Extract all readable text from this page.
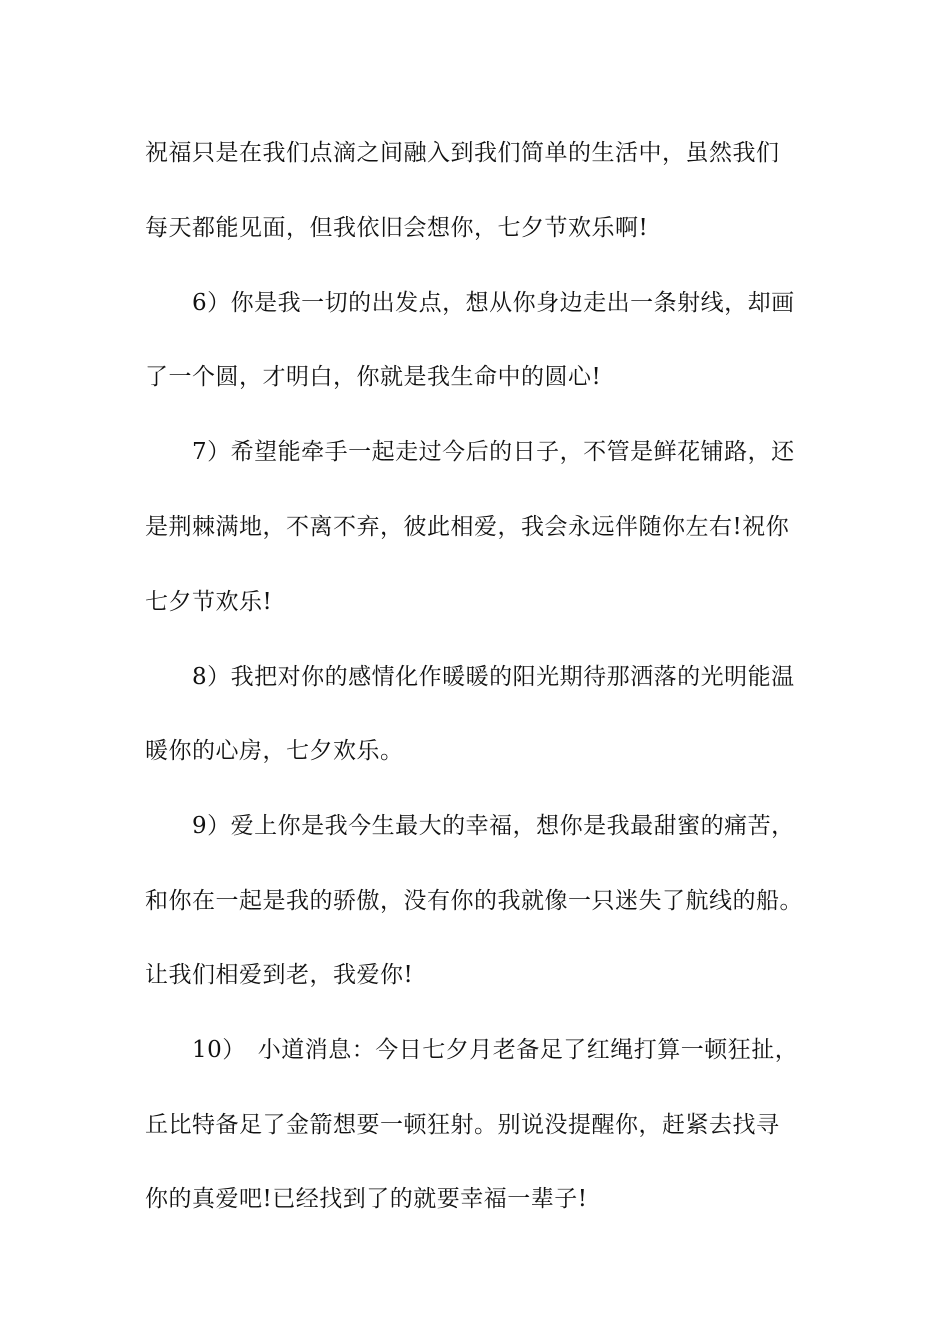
祝福只是在我们点滴之间融入到我们简单的生活中，虽然我们
每天都能见面，但我依旧会想你，七夕节欢乐啊!
6）你是我一切的出发点，想从你身边走出一条射线，却画
了一个圆，才明白，你就是我生命中的圆心!
7）希望能牵手一起走过今后的日子，不管是鲜花铺路，还
是荆棘满地，不离不弃，彼此相爱，我会永远伴随你左右!祝你
七夕节欢乐!
8）我把对你的感情化作暖暖的阳光期待那洒落的光明能温
暖你的心房，七夕欢乐。
9）爱上你是我今生最大的幸福，想你是我最甜蜜的痛苦，
和你在一起是我的骄傲，没有你的我就像一只迷失了航线的船。
让我们相爱到老，我爱你!
10）　小道消息：今日七夕月老备足了红绳打算一顿狂扯，
丘比特备足了金箭想要一顿狂射。别说没提醒你，赶紧去找寻
你的真爱吧!已经找到了的就要幸福一辈子!
